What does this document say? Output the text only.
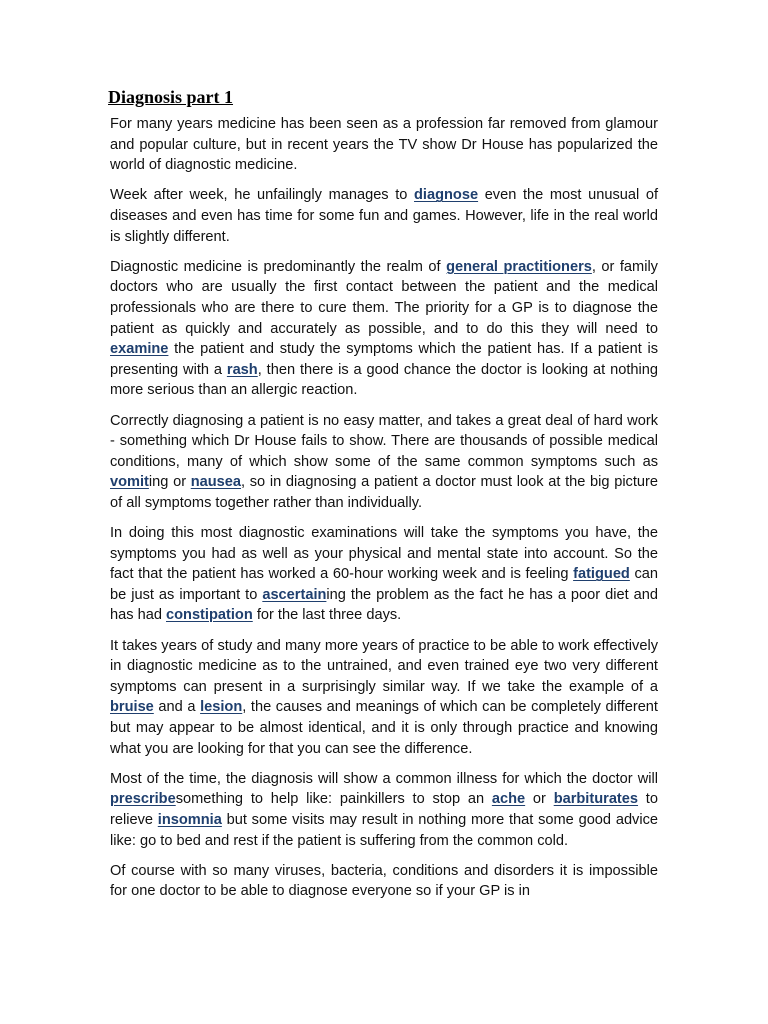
Diagnosis part 1

For many years medicine has been seen as a profession far removed from glamour and popular culture, but in recent years the TV show Dr House has popularized the world of diagnostic medicine.

Week after week, he unfailingly manages to diagnose even the most unusual of diseases and even has time for some fun and games. However, life in the real world is slightly different.

Diagnostic medicine is predominantly the realm of general practitioners, or family doctors who are usually the first contact between the patient and the medical professionals who are there to cure them. The priority for a GP is to diagnose the patient as quickly and accurately as possible, and to do this they will need to examine the patient and study the symptoms which the patient has. If a patient is presenting with a rash, then there is a good chance the doctor is looking at nothing more serious than an allergic reaction.

Correctly diagnosing a patient is no easy matter, and takes a great deal of hard work - something which Dr House fails to show. There are thousands of possible medical conditions, many of which show some of the same common symptoms such as vomiting or nausea, so in diagnosing a patient a doctor must look at the big picture of all symptoms together rather than individually.

In doing this most diagnostic examinations will take the symptoms you have, the symptoms you had as well as your physical and mental state into account. So the fact that the patient has worked a 60-hour working week and is feeling fatigued can be just as important to ascertaining the problem as the fact he has a poor diet and has had constipation for the last three days.

It takes years of study and many more years of practice to be able to work effectively in diagnostic medicine as to the untrained, and even trained eye two very different symptoms can present in a surprisingly similar way. If we take the example of a bruise and a lesion, the causes and meanings of which can be completely different but may appear to be almost identical, and it is only through practice and knowing what you are looking for that you can see the difference.

Most of the time, the diagnosis will show a common illness for which the doctor will prescribesomething to help like: painkillers to stop an ache or barbiturates to relieve insomnia but some visits may result in nothing more that some good advice like: go to bed and rest if the patient is suffering from the common cold.

Of course with so many viruses, bacteria, conditions and disorders it is impossible for one doctor to be able to diagnose everyone so if your GP is in
